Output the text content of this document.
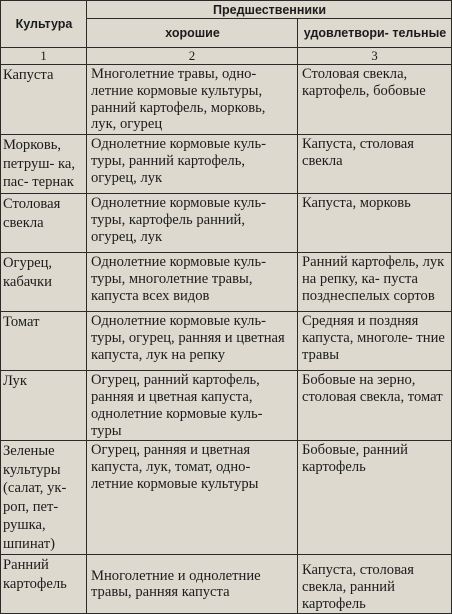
Культура	Предшественники	
	хорошие	удовлетвори- тельные
1	2	3
Капуста	Многолетние травы, одно- летние кормовые культуры, ранний картофель, морковь, лук, огурец	Столовая свекла, картофель, бобовые
Морковь, петруш- ка, пас- тернак	Однолетние кормовые куль- туры, ранний картофель, огурец, лук	Капуста, столовая свекла
Столовая свекла	Однолетние кормовые куль- туры, картофель ранний, огурец, лук	Капуста, морковь
Огурец, кабачки	Однолетние кормовые куль- туры, многолетние травы, капуста всех видов	Ранний картофель, лук на репку, ка- пуста позднеспелых сортов
Томат	Однолетние кормовые куль- туры, огурец, ранняя и цветная капуста, лук на репку	Средняя и поздняя капуста, многоле- тние травы
Лук	Огурец, ранний картофель, ранняя и цветная капуста, однолетние кормовые куль- туры	Бобовые на зерно, столовая свекла, томат
Зеленые культуры (салат, ук- роп, пет- рушка, шпинат)	Огурец, ранняя и цветная капуста, лук, томат, одно- летние кормовые культуры	Бобовые, ранний картофель
Ранний картофель	Многолетние и однолетние травы, ранняя капуста	Капуста, столовая свекла, ранний картофель
